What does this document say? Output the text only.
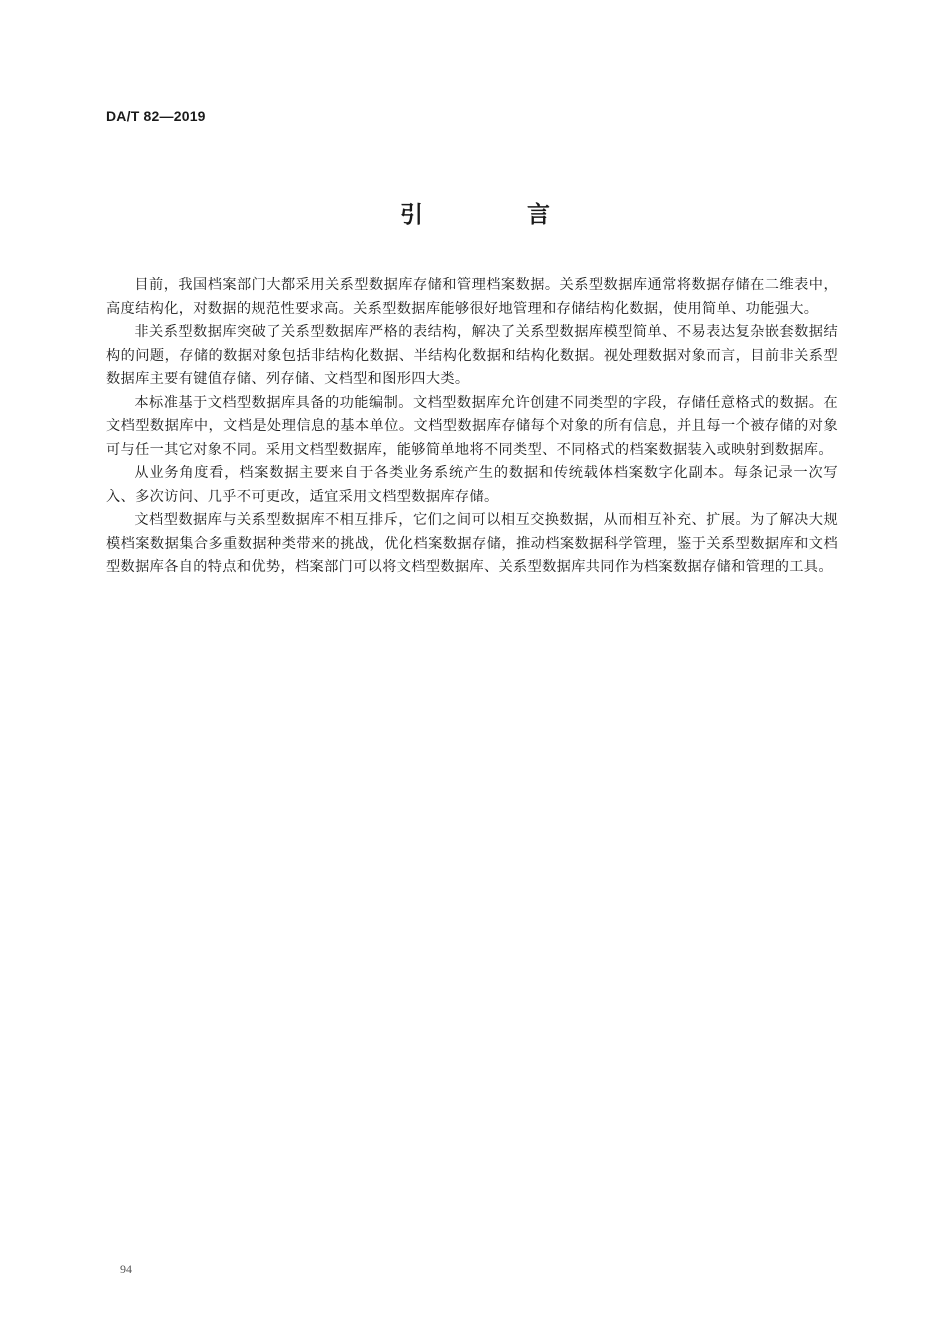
DA/T 82—2019
引 言

目前，我国档案部门大都采用关系型数据库存储和管理档案数据。关系型数据库通常将数据存储在二维表中，高度结构化，对数据的规范性要求高。关系型数据库能够很好地管理和存储结构化数据，使用简单、功能强大。

非关系型数据库突破了关系型数据库严格的表结构，解决了关系型数据库模型简单、不易表达复杂嵌套数据结构的问题，存储的数据对象包括非结构化数据、半结构化数据和结构化数据。视处理数据对象而言，目前非关系型数据库主要有键值存储、列存储、文档型和图形四大类。

本标准基于文档型数据库具备的功能编制。文档型数据库允许创建不同类型的字段，存储任意格式的数据。在文档型数据库中，文档是处理信息的基本单位。文档型数据库存储每个对象的所有信息，并且每一个被存储的对象可与任一其它对象不同。采用文档型数据库，能够简单地将不同类型、不同格式的档案数据装入或映射到数据库。

从业务角度看，档案数据主要来自于各类业务系统产生的数据和传统载体档案数字化副本。每条记录一次写入、多次访问、几乎不可更改，适宜采用文档型数据库存储。

文档型数据库与关系型数据库不相互排斥，它们之间可以相互交换数据，从而相互补充、扩展。为了解决大规模档案数据集合多重数据种类带来的挑战，优化档案数据存储，推动档案数据科学管理，鉴于关系型数据库和文档型数据库各自的特点和优势，档案部门可以将文档型数据库、关系型数据库共同作为档案数据存储和管理的工具。

94
